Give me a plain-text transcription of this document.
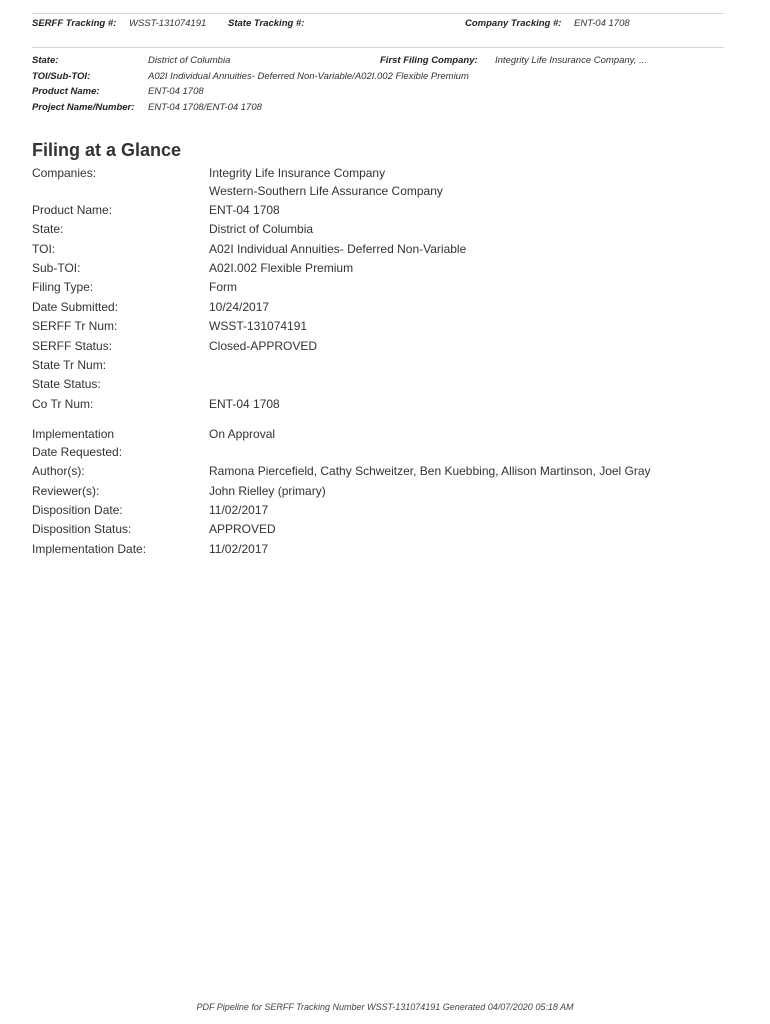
SERFF Tracking #: WSST-131074191 State Tracking #:	Company Tracking #: ENT-04 1708
State:	District of Columbia	First Filing Company: Integrity Life Insurance Company, ...
TOI/Sub-TOI:	A02I Individual Annuities- Deferred Non-Variable/A02I.002 Flexible Premium
Product Name:	ENT-04 1708
Project Name/Number: ENT-04 1708/ENT-04 1708
Filing at a Glance
Companies:	Integrity Life Insurance Company
Western-Southern Life Assurance Company
Product Name:	ENT-04 1708
State:	District of Columbia
TOI:	A02I Individual Annuities- Deferred Non-Variable
Sub-TOI:	A02I.002 Flexible Premium
Filing Type:	Form
Date Submitted:	10/24/2017
SERFF Tr Num:	WSST-131074191
SERFF Status:	Closed-APPROVED
State Tr Num:
State Status:
Co Tr Num:	ENT-04 1708
Implementation	On Approval
Date Requested:
Author(s):	Ramona Piercefield, Cathy Schweitzer, Ben Kuebbing, Allison Martinson, Joel Gray
Reviewer(s):	John Rielley (primary)
Disposition Date:	11/02/2017
Disposition Status:	APPROVED
Implementation Date:	11/02/2017
PDF Pipeline for SERFF Tracking Number WSST-131074191 Generated 04/07/2020 05:18 AM
